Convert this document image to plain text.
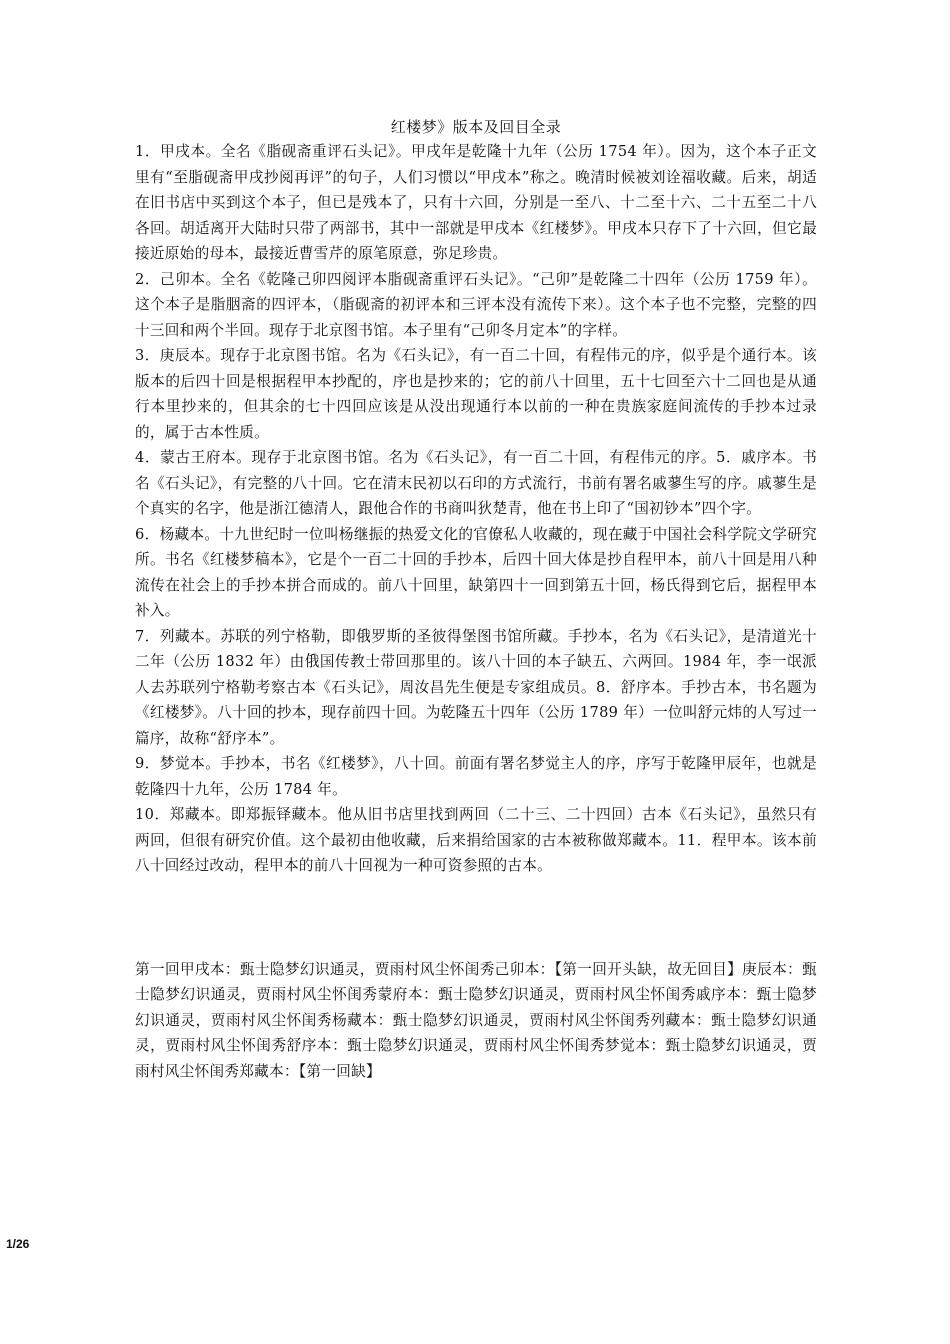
红楼梦》版本及回目全录

1．甲戌本。全名《脂砚斋重评石头记》。甲戌年是乾隆十九年（公历 1754 年）。因为，这个本子正文里有“至脂砚斋甲戌抄阅再评”的句子，人们习惯以“甲戌本”称之。晚清时候被刘诠福收藏。后来，胡适在旧书店中买到这个本子，但已是残本了，只有十六回，分别是一至八、十二至十六、二十五至二十八各回。胡适离开大陆时只带了两部书，其中一部就是甲戌本《红楼梦》。甲戌本只存下了十六回，但它最接近原始的母本，最接近曹雪芹的原笔原意，弥足珍贵。

2．己卯本。全名《乾隆己卯四阅评本脂砚斋重评石头记》。“己卯”是乾隆二十四年（公历 1759 年）。这个本子是脂胭斋的四评本，（脂砚斋的初评本和三评本没有流传下来）。这个本子也不完整，完整的四十三回和两个半回。现存于北京图书馆。本子里有“己卯冬月定本”的字样。

3．庚辰本。现存于北京图书馆。名为《石头记》，有一百二十回，有程伟元的序，似乎是个通行本。该版本的后四十回是根据程甲本抄配的，序也是抄来的；它的前八十回里，五十七回至六十二回也是从通行本里抄来的，但其余的七十四回应该是从没出现通行本以前的一种在贵族家庭间流传的手抄本过录的，属于古本性质。

4．蒙古王府本。现存于北京图书馆。名为《石头记》，有一百二十回，有程伟元的序。5．戚序本。书名《石头记》，有完整的八十回。它在清末民初以石印的方式流行，书前有署名戚蓼生写的序。戚蓼生是个真实的名字，他是浙江德清人，跟他合作的书商叫狄楚青，他在书上印了“国初钞本”四个字。

6．杨藏本。十九世纪时一位叫杨继振的热爱文化的官僚私人收藏的，现在藏于中国社会科学院文学研究所。书名《红楼梦稿本》，它是个一百二十回的手抄本，后四十回大体是抄自程甲本，前八十回是用八种流传在社会上的手抄本拼合而成的。前八十回里，缺第四十一回到第五十回，杨氏得到它后，据程甲本补入。

7．列藏本。苏联的列宁格勒，即俄罗斯的圣彼得堡图书馆所藏。手抄本，名为《石头记》，是清道光十二年（公历 1832 年）由俄国传教士带回那里的。该八十回的本子缺五、六两回。1984 年，李一氓派人去苏联列宁格勒考察古本《石头记》，周汝昌先生便是专家组成员。8．舒序本。手抄古本，书名题为《红楼梦》。八十回的抄本，现存前四十回。为乾隆五十四年（公历 1789 年）一位叫舒元炜的人写过一篇序，故称“舒序本”。

9．梦觉本。手抄本，书名《红楼梦》，八十回。前面有署名梦觉主人的序，序写于乾隆甲辰年，也就是乾隆四十九年，公历 1784 年。

10．郑藏本。即郑振铎藏本。他从旧书店里找到两回（二十三、二十四回）古本《石头记》，虽然只有两回，但很有研究价值。这个最初由他收藏，后来捐给国家的古本被称做郑藏本。11．程甲本。该本前八十回经过改动，程甲本的前八十回视为一种可资参照的古本。

第一回甲戌本：甄士隐梦幻识通灵，贾雨村风尘怀闺秀己卯本：【第一回开头缺，故无回目】庚辰本：甄士隐梦幻识通灵，贾雨村风尘怀闺秀蒙府本：甄士隐梦幻识通灵，贾雨村风尘怀闺秀戚序本：甄士隐梦幻识通灵，贾雨村风尘怀闺秀杨藏本：甄士隐梦幻识通灵，贾雨村风尘怀闺秀列藏本：甄士隐梦幻识通灵，贾雨村风尘怀闺秀舒序本：甄士隐梦幻识通灵，贾雨村风尘怀闺秀梦觉本：甄士隐梦幻识通灵，贾雨村风尘怀闺秀郑藏本：【第一回缺】

1/26
